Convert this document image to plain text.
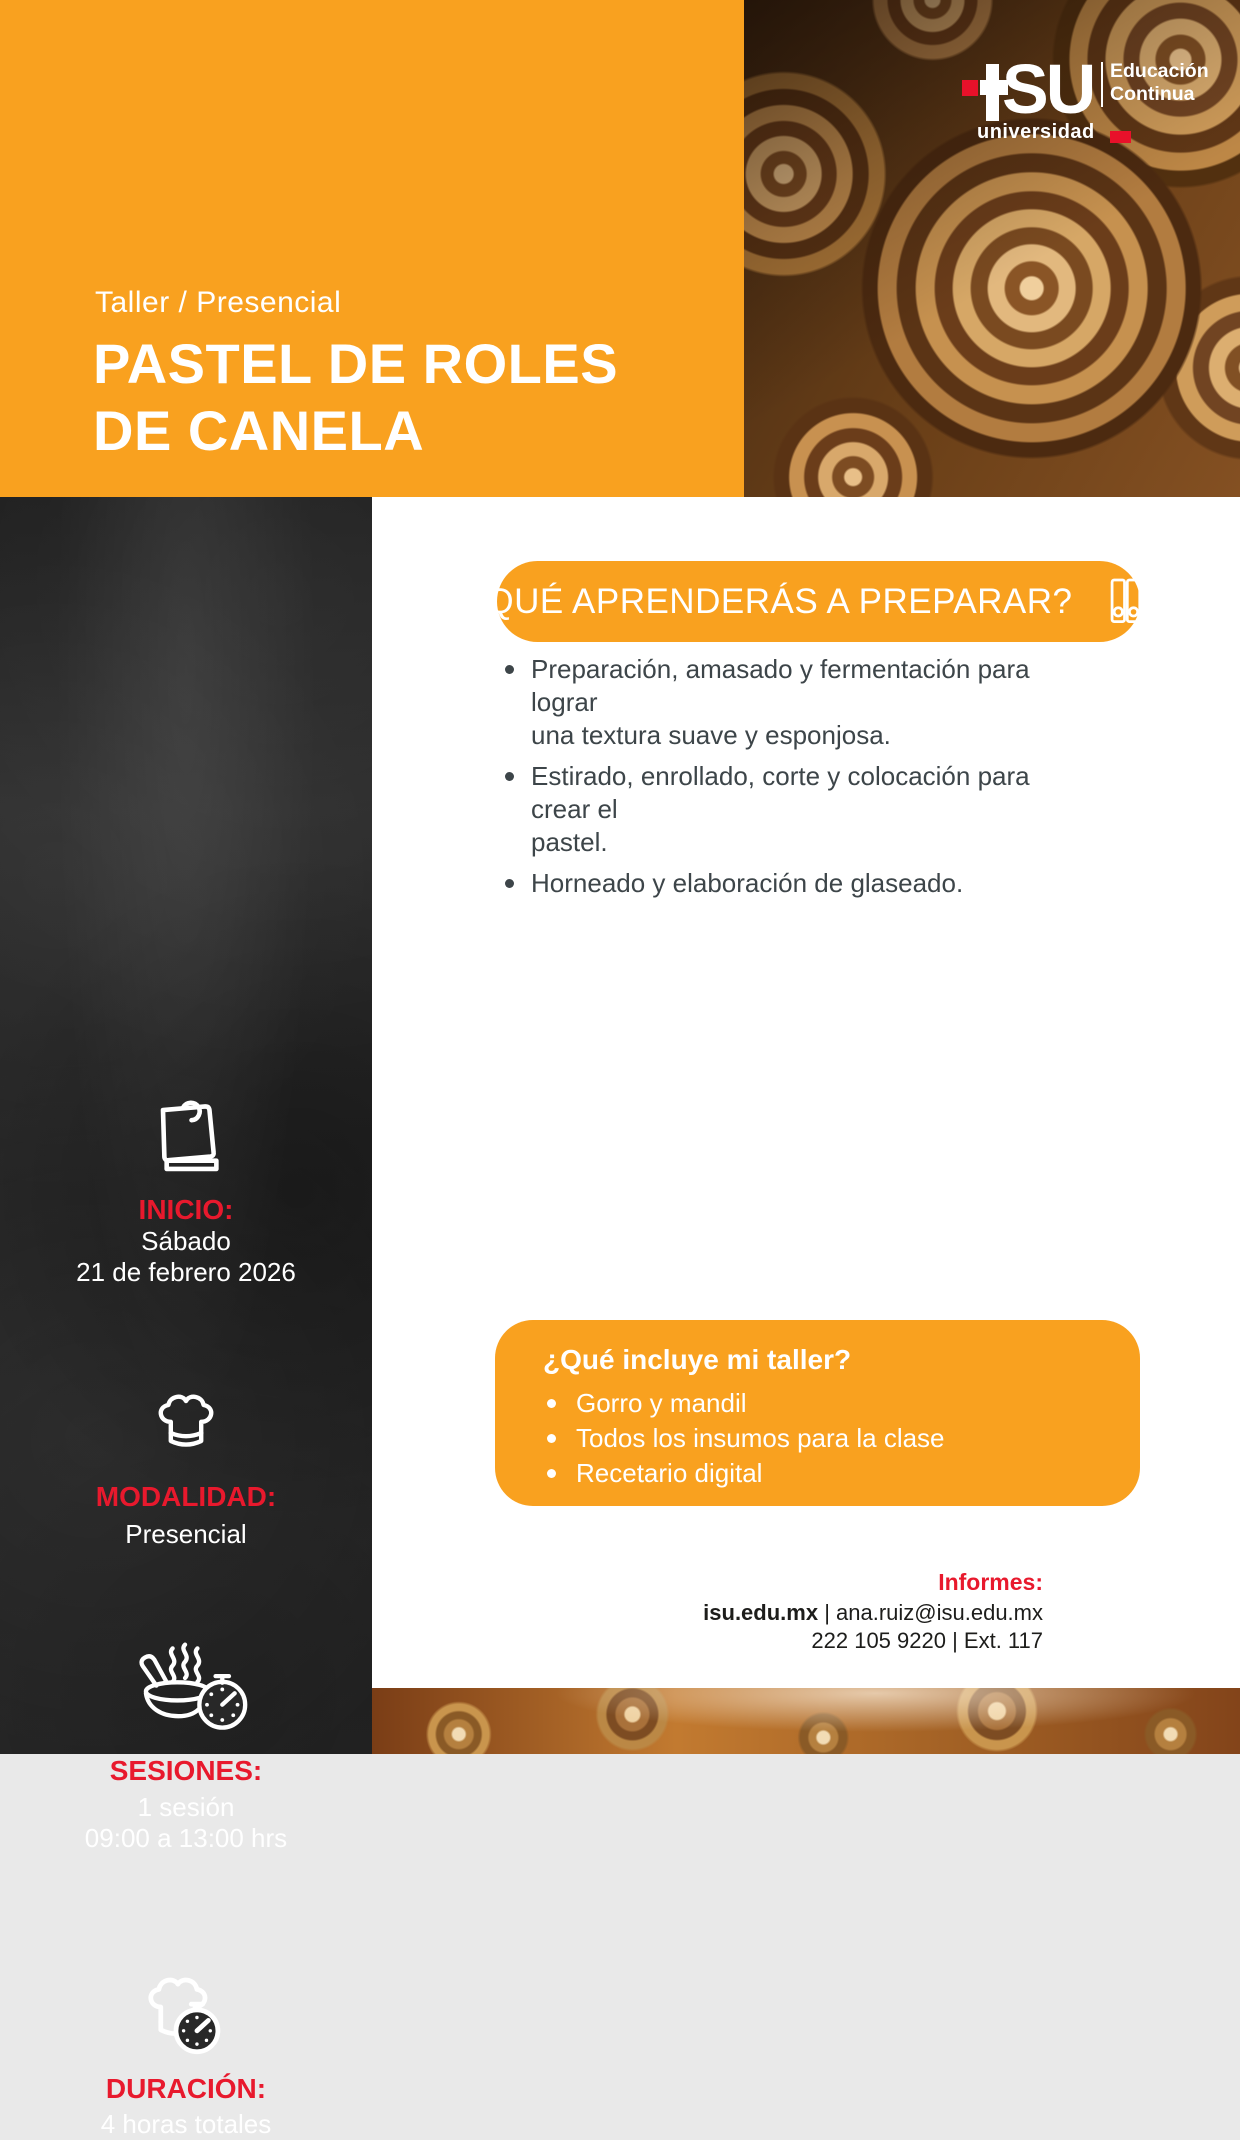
Taller / Presencial
PASTEL DE ROLES
DE CANELA
SU
universidad
Educación
Continua
INICIO:
Sábado
21 de febrero 2026
MODALIDAD:
Presencial
SESIONES:
1 sesión
09:00 a 13:00 hrs
DURACIÓN:
4 horas totales
¿QUÉ APRENDERÁS A PREPARAR?
Preparación, amasado y fermentación para lograr
una textura suave y esponjosa.
Estirado, enrollado, corte y colocación para crear el
pastel.
Horneado y elaboración de glaseado.
¿Qué incluye mi taller?
Gorro y mandil
Todos los insumos para la clase
Recetario digital
Informes:
isu.edu.mx | ana.ruiz@isu.edu.mx
222 105 9220 | Ext. 117
